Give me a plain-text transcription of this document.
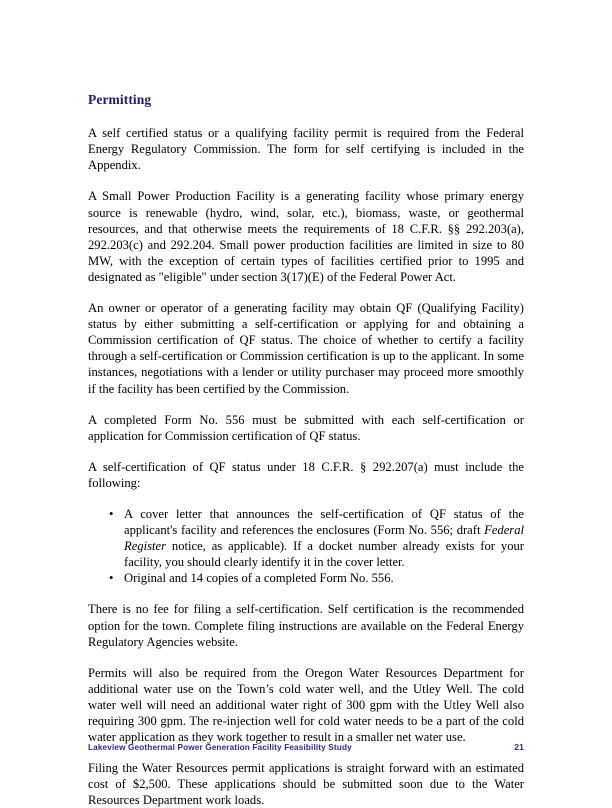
Permitting

A self certified status or a qualifying facility permit is required from the Federal Energy Regulatory Commission. The form for self certifying is included in the Appendix.

A Small Power Production Facility is a generating facility whose primary energy source is renewable (hydro, wind, solar, etc.), biomass, waste, or geothermal resources, and that otherwise meets the requirements of 18 C.F.R. §§ 292.203(a), 292.203(c) and 292.204. Small power production facilities are limited in size to 80 MW, with the exception of certain types of facilities certified prior to 1995 and designated as "eligible" under section 3(17)(E) of the Federal Power Act.

An owner or operator of a generating facility may obtain QF (Qualifying Facility) status by either submitting a self-certification or applying for and obtaining a Commission certification of QF status. The choice of whether to certify a facility through a self-certification or Commission certification is up to the applicant. In some instances, negotiations with a lender or utility purchaser may proceed more smoothly if the facility has been certified by the Commission.

A completed Form No. 556 must be submitted with each self-certification or application for Commission certification of QF status.

A self-certification of QF status under 18 C.F.R. § 292.207(a) must include the following:

• A cover letter that announces the self-certification of QF status of the applicant's facility and references the enclosures (Form No. 556; draft Federal Register notice, as applicable). If a docket number already exists for your facility, you should clearly identify it in the cover letter.
• Original and 14 copies of a completed Form No. 556.

There is no fee for filing a self-certification. Self certification is the recommended option for the town. Complete filing instructions are available on the Federal Energy Regulatory Agencies website.

Permits will also be required from the Oregon Water Resources Department for additional water use on the Town’s cold water well, and the Utley Well. The cold water well will need an additional water right of 300 gpm with the Utley Well also requiring 300 gpm. The re-injection well for cold water needs to be a part of the cold water application as they work together to result in a smaller net water use.

Filing the Water Resources permit applications is straight forward with an estimated cost of $2,500. These applications should be submitted soon due to the Water Resources Department work loads.

Lakeview Geothermal Power Generation Facility Feasibility Study	21
